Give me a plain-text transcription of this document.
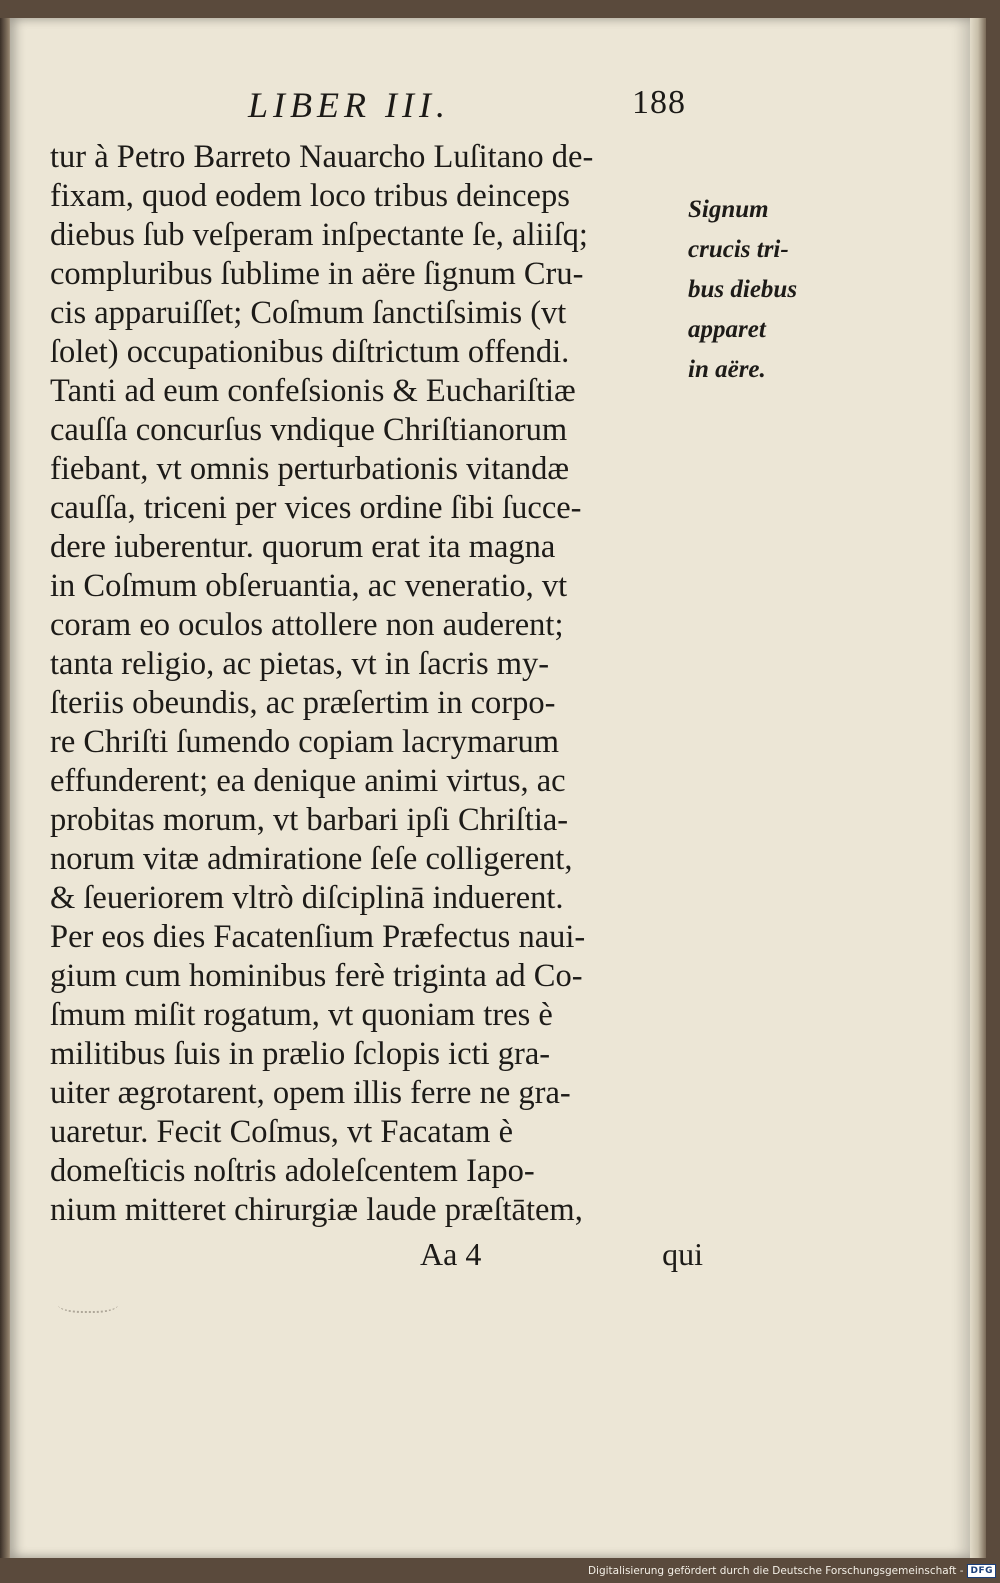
LIBER III.	188
tur à Petro Barreto Nauarcho Luſitano de-
fixam, quod eodem loco tribus deinceps
diebus ſub veſperam inſpectante ſe, aliiſq;
compluribus ſublime in aëre ſignum Cru-
cis apparuiſſet; Coſmum ſanctiſsimis (vt
ſolet) occupationibus diſtrictum offendi.
Tanti ad eum confeſsionis & Euchariſtiæ
cauſſa concurſus vndique Chriſtianorum
fiebant, vt omnis perturbationis vitandæ
cauſſa, triceni per vices ordine ſibi ſucce-
dere iuberentur. quorum erat ita magna
in Coſmum obſeruantia, ac veneratio, vt
coram eo oculos attollere non auderent;
tanta religio, ac pietas, vt in ſacris my-
ſteriis obeundis, ac præſertim in corpo-
re Chriſti ſumendo copiam lacrymarum
effunderent; ea denique animi virtus, ac
probitas morum, vt barbari ipſi Chriſtia-
norum vitæ admiratione ſeſe colligerent,
& ſeueriorem vltrò diſciplinā induerent.
Per eos dies Facatenſium Præfectus naui-
gium cum hominibus ferè triginta ad Co-
ſmum miſit rogatum, vt quoniam tres è
militibus ſuis in prælio ſclopis icti gra-
uiter ægrotarent, opem illis ferre ne gra-
uaretur. Fecit Coſmus, vt Facatam è
domeſticis noſtris adoleſcentem Iapo-
nium mitteret chirurgiæ laude præſtātem,
Signum
crucis tri-
bus diebus
apparet
in aëre.
Aa 4	qui
Digitalisierung gefördert durch die Deutsche Forschungsgemeinschaft - DFG
